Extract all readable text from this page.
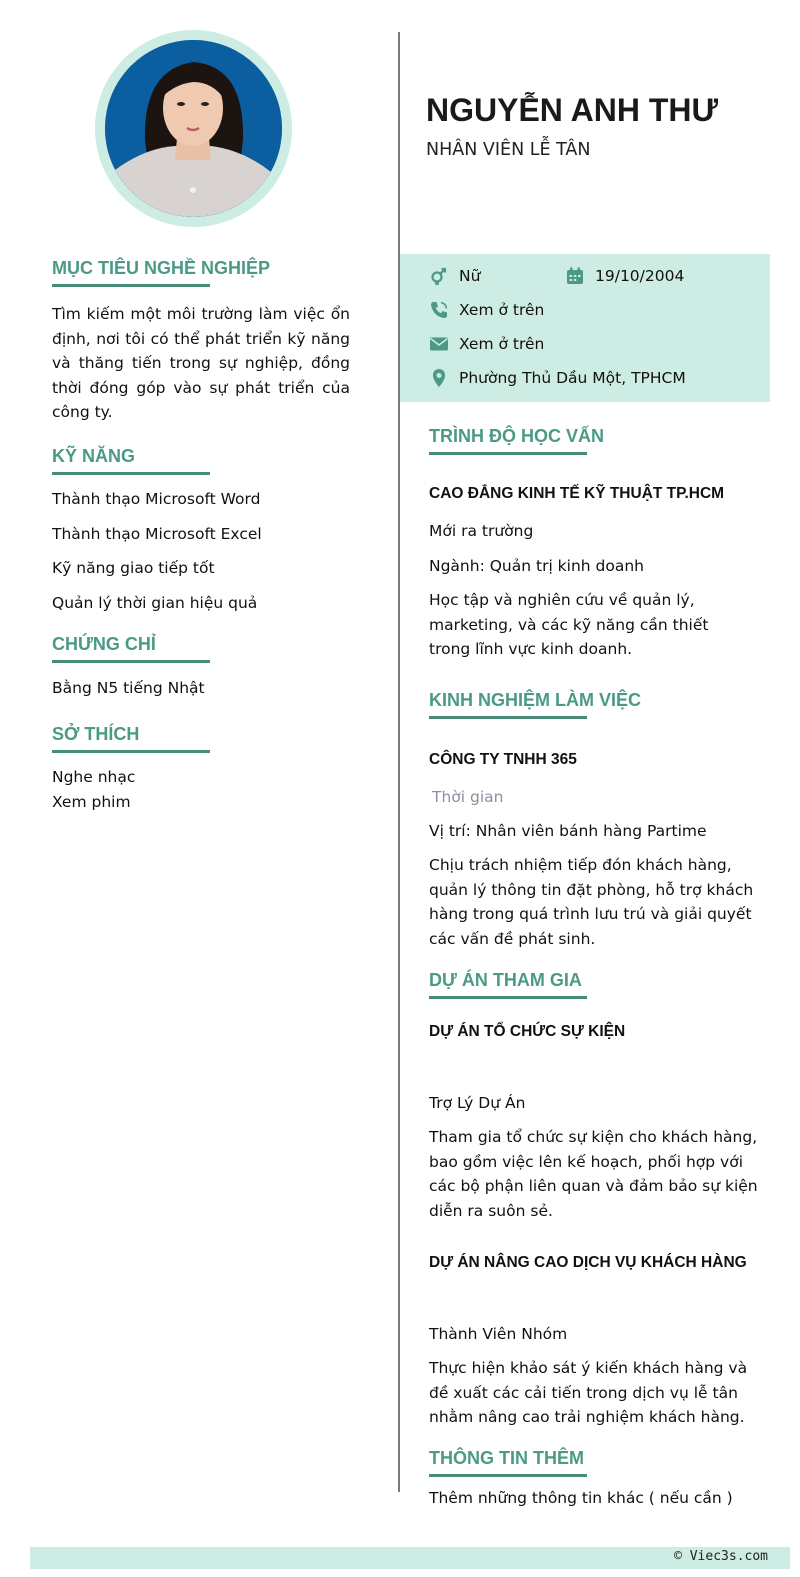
MỤC TIÊU NGHỀ NGHIỆP

Tìm kiếm một môi trường làm việc ổn định, nơi tôi có thể phát triển kỹ năng và thăng tiến trong sự nghiệp, đồng thời đóng góp vào sự phát triển của công ty.

KỸ NĂNG
Thành thạo Microsoft Word
Thành thạo Microsoft Excel
Kỹ năng giao tiếp tốt
Quản lý thời gian hiệu quả
CHỨNG CHỈ
Bằng N5 tiếng Nhật
SỞ THÍCH
Nghe nhạc
Xem phim
NGUYỄN ANH THƯ
NHÂN VIÊN LỄ TÂN
Nữ	19/10/2004
Xem ở trên
Xem ở trên
Phường Thủ Dầu Một, TPHCM
TRÌNH ĐỘ HỌC VẤN
CAO ĐẲNG KINH TẾ KỸ THUẬT TP.HCM
Mới ra trường
Ngành: Quản trị kinh doanh

Học tập và nghiên cứu về quản lý, marketing, và các kỹ năng cần thiết trong lĩnh vực kinh doanh.

KINH NGHIỆM LÀM VIỆC
CÔNG TY TNHH 365
Thời gian
Vị trí: Nhân viên bánh hàng Partime

Chịu trách nhiệm tiếp đón khách hàng, quản lý thông tin đặt phòng, hỗ trợ khách hàng trong quá trình lưu trú và giải quyết các vấn đề phát sinh.

DỰ ÁN THAM GIA
DỰ ÁN TỔ CHỨC SỰ KIỆN
Trợ Lý Dự Án

Tham gia tổ chức sự kiện cho khách hàng, bao gồm việc lên kế hoạch, phối hợp với các bộ phận liên quan và đảm bảo sự kiện diễn ra suôn sẻ.

DỰ ÁN NÂNG CAO DỊCH VỤ KHÁCH HÀNG
Thành Viên Nhóm

Thực hiện khảo sát ý kiến khách hàng và đề xuất các cải tiến trong dịch vụ lễ tân nhằm nâng cao trải nghiệm khách hàng.

THÔNG TIN THÊM
Thêm những thông tin khác ( nếu cần )
© Viec3s.com
